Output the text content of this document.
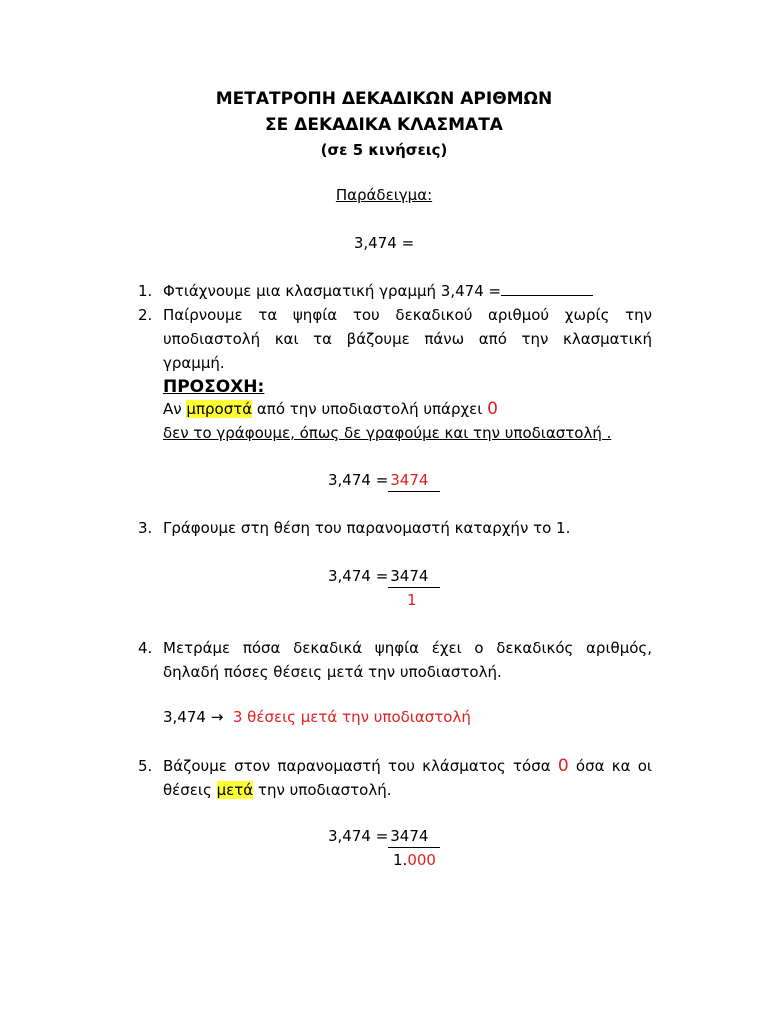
ΜΕΤΑΤΡΟΠΗ ΔΕΚΑΔΙΚΩΝ ΑΡΙΘΜΩΝ
ΣΕ ΔΕΚΑΔΙΚΑ ΚΛΑΣΜΑΤΑ
(σε 5 κινήσεις)
Παράδειγμα:
3,474 =
1. Φτιάχνουμε μια κλασματική γραμμή 3,474 =
2. Παίρνουμε τα ψηφία του δεκαδικού αριθμού χωρίς την
υποδιαστολή και τα βάζουμε πάνω από την κλασματική
γραμμή.
ΠΡΟΣΟΧΗ:
Αν μπροστά από την υποδιαστολή υπάρχει 0
δεν το γράφουμε, όπως δε γραφούμε και την υποδιαστολή .
3,474 = 3474
3. Γράφουμε στη θέση του παρανομαστή καταρχήν το 1.
3,474 = 3474
1
4. Μετράμε πόσα δεκαδικά ψηφία έχει ο δεκαδικός αριθμός,
δηλαδή πόσες θέσεις μετά την υποδιαστολή.
3,474 → 3 θέσεις μετά την υποδιαστολή
5. Βάζουμε στον παρανομαστή του κλάσματος τόσα 0 όσα κα οι
θέσεις μετά την υποδιαστολή.
3,474 = 3474
1.000
